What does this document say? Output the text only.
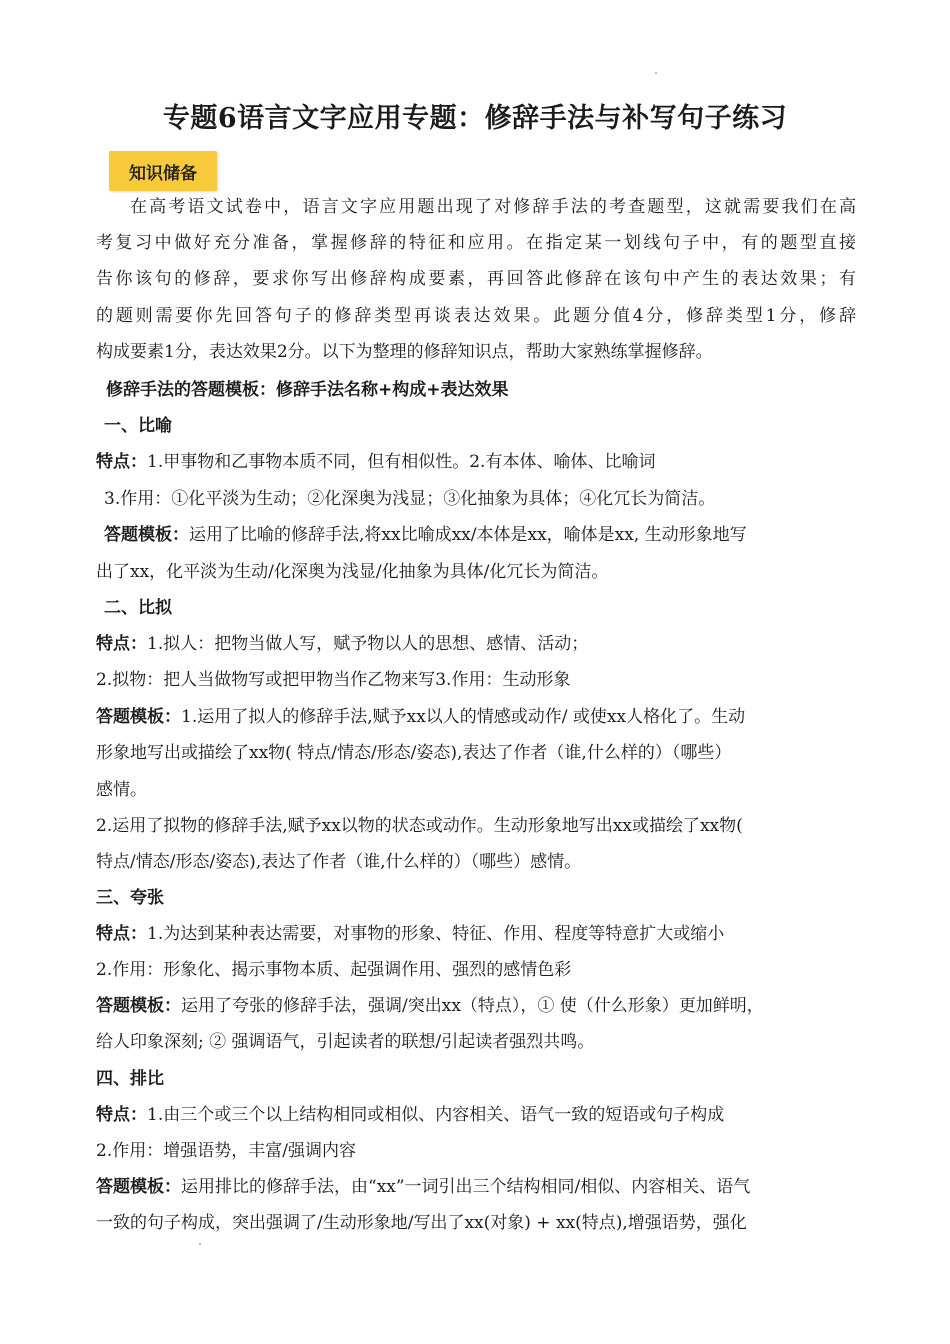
专题6语言文字应用专题：修辞手法与补写句子练习
知识储备
在高考语文试卷中，语言文字应用题出现了对修辞手法的考查题型，这就需要我们在高
考复习中做好充分准备，掌握修辞的特征和应用。在指定某一划线句子中，有的题型直接
告你该句的修辞，要求你写出修辞构成要素，再回答此修辞在该句中产生的表达效果；有
的题则需要你先回答句子的修辞类型再谈表达效果。此题分值4分，修辞类型1分，修辞
构成要素1分，表达效果2分。以下为整理的修辞知识点，帮助大家熟练掌握修辞。
修辞手法的答题模板：修辞手法名称+构成+表达效果
一、比喻
特点：1.甲事物和乙事物本质不同，但有相似性。2.有本体、喻体、比喻词
3.作用：①化平淡为生动；②化深奥为浅显；③化抽象为具体；④化冗长为简洁。
答题模板：运用了比喻的修辞手法,将xx比喻成xx/本体是xx，喻体是xx, 生动形象地写
出了xx，化平淡为生动/化深奥为浅显/化抽象为具体/化冗长为简洁。
二、比拟
特点：1.拟人：把物当做人写，赋予物以人的思想、感情、活动；
2.拟物：把人当做物写或把甲物当作乙物来写3.作用：生动形象
答题模板：1.运用了拟人的修辞手法,赋予xx以人的情感或动作/ 或使xx人格化了。生动
形象地写出或描绘了xx物( 特点/情态/形态/姿态),表达了作者（谁,什么样的）（哪些）
感情。
2.运用了拟物的修辞手法,赋予xx以物的状态或动作。生动形象地写出xx或描绘了xx物(
特点/情态/形态/姿态),表达了作者（谁,什么样的）（哪些）感情。
三、夸张
特点：1.为达到某种表达需要，对事物的形象、特征、作用、程度等特意扩大或缩小
2.作用：形象化、揭示事物本质、起强调作用、强烈的感情色彩
答题模板：运用了夸张的修辞手法，强调/突出xx（特点），① 使（什么形象）更加鲜明，
给人印象深刻; ② 强调语气，引起读者的联想/引起读者强烈共鸣。
四、排比
特点：1.由三个或三个以上结构相同或相似、内容相关、语气一致的短语或句子构成
2.作用：增强语势，丰富/强调内容
答题模板：运用排比的修辞手法，由“xx”一词引出三个结构相同/相似、内容相关、语气
一致的句子构成，突出强调了/生动形象地/写出了xx(对象) + xx(特点),增强语势，强化
